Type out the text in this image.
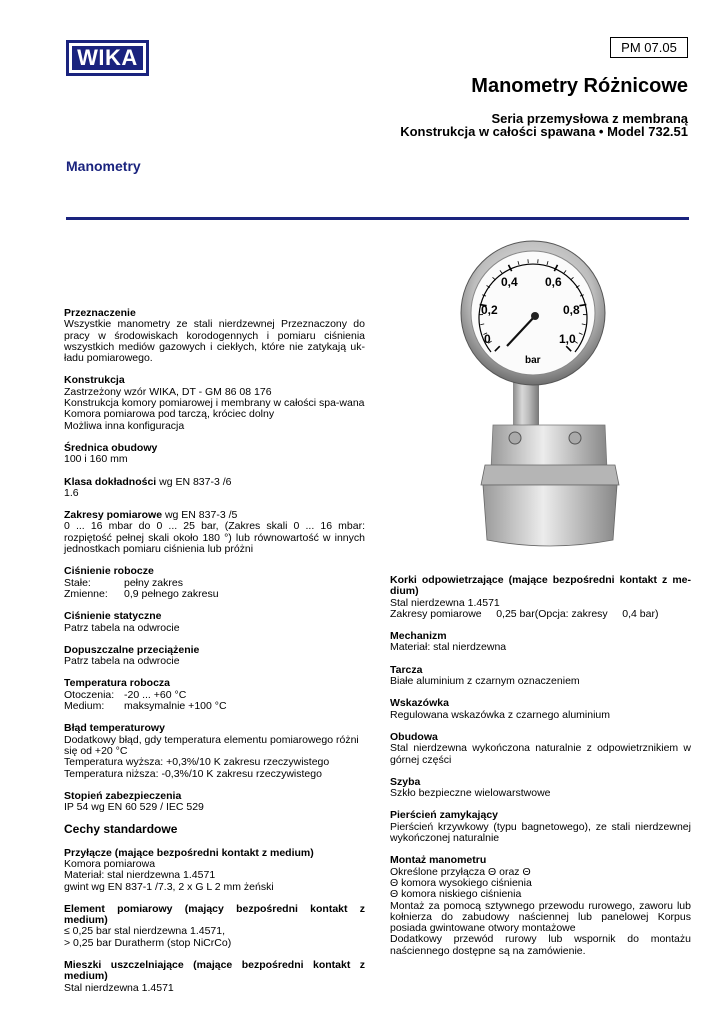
WIKA	PM 07.05
Manometry Różnicowe
Seria przemysłowa z membraną
Konstrukcja w całości spawana • Model 732.51
Manometry
0
0,2
0,4 0,6
0,8
1,0
bar
Przeznaczenie
Wszystkie manometry ze stali nierdzewnej Przeznaczony do pracy w środowiskach korodogennych i pomiaru ciśnienia wszystkich mediów gazowych i ciekłych, które nie zatykają uk-ładu pomiarowego.
Konstrukcja
Zastrzeżony wzór WIKA, DT - GM 86 08 176
Konstrukcja komory pomiarowej i membrany w całości spa-wana
Komora pomiarowa pod tarczą, króciec dolny
Możliwa inna konfiguracja
Średnica obudowy
100 i 160 mm
Klasa dokładności wg EN 837-3 /6
1.6
Zakresy pomiarowe wg EN 837-3 /5
0 ... 16 mbar do 0 ... 25 bar, (Zakres skali 0 ... 16 mbar: rozpiętość pełnej skali około 180 °) lub równowartość w innych jednostkach pomiaru ciśnienia lub próżni
Ciśnienie robocze
Stałe:	pełny zakres
Zmienne: 0,9 pełnego zakresu
Ciśnienie statyczne
Patrz tabela na odwrocie
Dopuszczalne przeciążenie
Patrz tabela na odwrocie
Temperatura robocza
Otoczenia: -20 ... +60 °C
Medium: maksymalnie +100 °C
Błąd temperaturowy
Dodatkowy błąd, gdy temperatura elementu pomiarowego różni się od +20 °C
Temperatura wyższa: +0,3%/10 K zakresu rzeczywistego
Temperatura niższa: -0,3%/10 K zakresu rzeczywistego
Stopień zabezpieczenia
IP 54 wg EN 60 529 / IEC 529
Cechy standardowe
Przyłącze (mające bezpośredni kontakt z medium)
Komora pomiarowa
Materiał: stal nierdzewna 1.4571
gwint wg EN 837-1 /7.3, 2 x G L 2 mm żeński
Element pomiarowy (mający bezpośredni kontakt z medium)
≤ 0,25 bar stal nierdzewna 1.4571,
> 0,25 bar Duratherm (stop NiCrCo)
Mieszki uszczelniające (mające bezpośredni kontakt z medium)
Stal nierdzewna 1.4571
Korki odpowietrzające (mające bezpośredni kontakt z me-dium)
Stal nierdzewna 1.4571
Zakresy pomiarowe     0,25 bar(Opcja: zakresy     0,4 bar)
Mechanizm
Materiał: stal nierdzewna
Tarcza
Białe aluminium z czarnym oznaczeniem
Wskazówka
Regulowana wskazówka z czarnego aluminium
Obudowa
Stal nierdzewna wykończona naturalnie z odpowietrznikiem w górnej części
Szyba
Szkło bezpieczne wielowarstwowe
Pierścień zamykający
Pierścień krzywkowy (typu bagnetowego), ze stali nierdzewnej wykończonej naturalnie
Montaż manometru
Określone przyłącza Θ oraz Θ
Θ komora wysokiego ciśnienia
Θ komora niskiego ciśnienia
Montaż za pomocą sztywnego przewodu rurowego, zaworu lub kołnierza do zabudowy naściennej lub panelowej Korpus posiada gwintowane otwory montażowe
Dodatkowy przewód rurowy lub wspornik do montażu naściennego dostępne są na zamówienie.
